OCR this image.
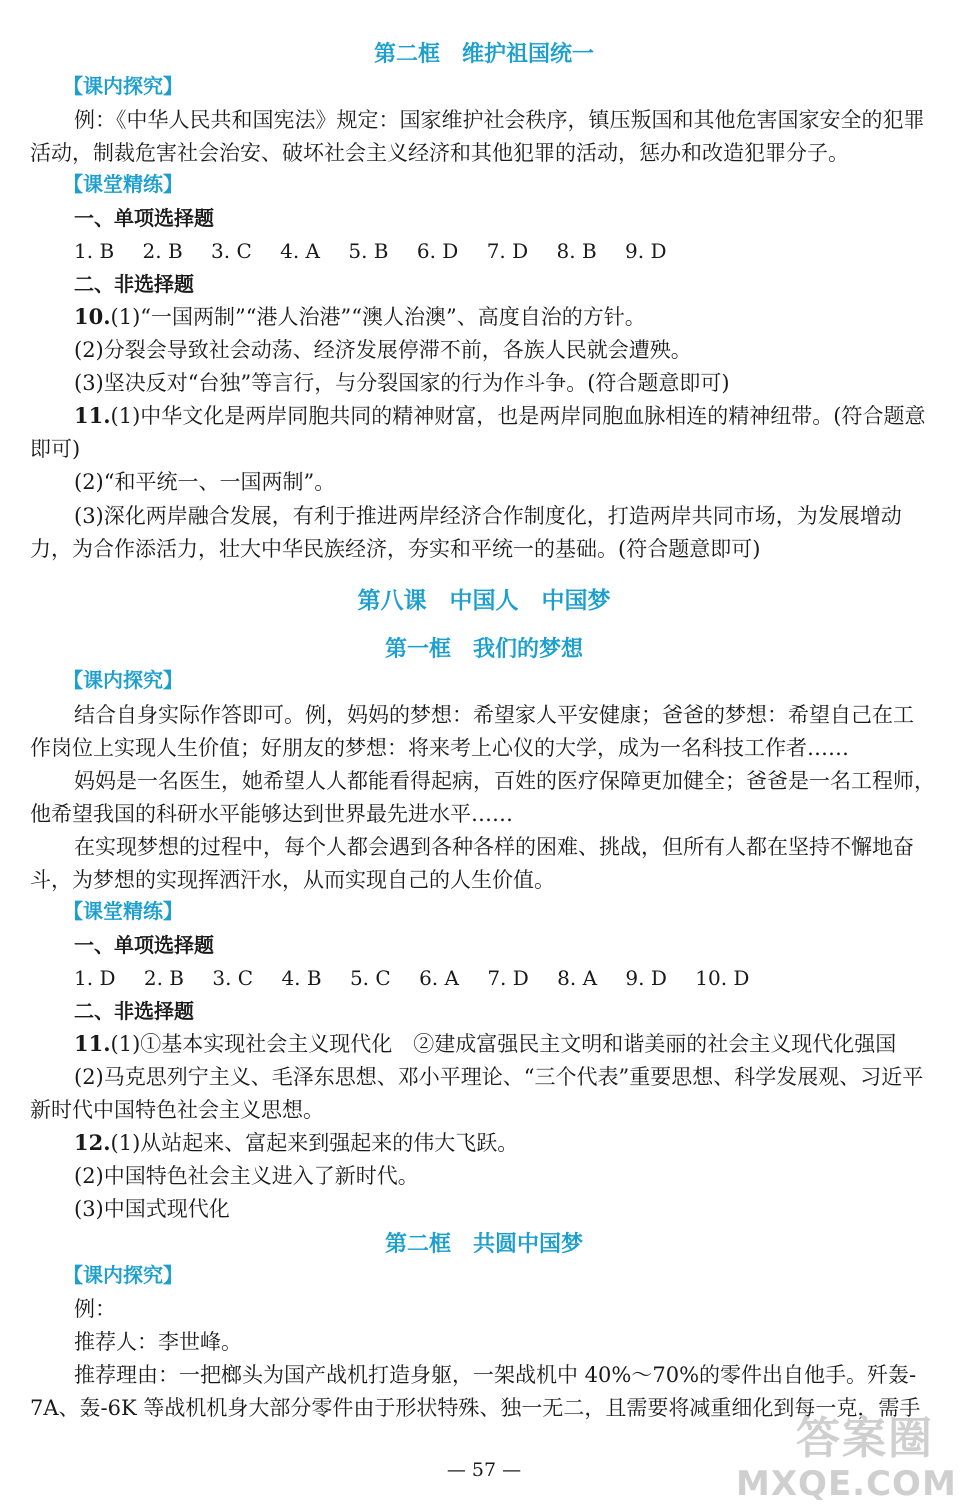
第二框　维护祖国统一
【课内探究】
例：《中华人民共和国宪法》规定：国家维护社会秩序，镇压叛国和其他危害国家安全的犯罪
活动，制裁危害社会治安、破坏社会主义经济和其他犯罪的活动，惩办和改造犯罪分子。
【课堂精练】
一、单项选择题
1. B 2. B 3. C 4. A 5. B 6. D 7. D 8. B 9. D
二、非选择题
10.(1)“一国两制”“港人治港”“澳人治澳”、高度自治的方针。
(2)分裂会导致社会动荡、经济发展停滞不前，各族人民就会遭殃。
(3)坚决反对“台独”等言行，与分裂国家的行为作斗争。(符合题意即可)
11.(1)中华文化是两岸同胞共同的精神财富，也是两岸同胞血脉相连的精神纽带。(符合题意
即可)
(2)“和平统一、一国两制”。
(3)深化两岸融合发展，有利于推进两岸经济合作制度化，打造两岸共同市场，为发展增动
力，为合作添活力，壮大中华民族经济，夯实和平统一的基础。(符合题意即可)
第八课　中国人　中国梦
第一框　我们的梦想
【课内探究】
结合自身实际作答即可。例，妈妈的梦想：希望家人平安健康；爸爸的梦想：希望自己在工
作岗位上实现人生价值；好朋友的梦想：将来考上心仪的大学，成为一名科技工作者……
妈妈是一名医生，她希望人人都能看得起病，百姓的医疗保障更加健全；爸爸是一名工程师，
他希望我国的科研水平能够达到世界最先进水平……
在实现梦想的过程中，每个人都会遇到各种各样的困难、挑战，但所有人都在坚持不懈地奋
斗，为梦想的实现挥洒汗水，从而实现自己的人生价值。
【课堂精练】
一、单项选择题
1. D 2. B 3. C 4. B 5. C 6. A 7. D 8. A 9. D 10. D
二、非选择题
11.(1)①基本实现社会主义现代化　②建成富强民主文明和谐美丽的社会主义现代化强国
(2)马克思列宁主义、毛泽东思想、邓小平理论、“三个代表”重要思想、科学发展观、习近平
新时代中国特色社会主义思想。
12.(1)从站起来、富起来到强起来的伟大飞跃。
(2)中国特色社会主义进入了新时代。
(3)中国式现代化
第二框　共圆中国梦
【课内探究】
例：
推荐人：李世峰。
推荐理由：一把榔头为国产战机打造身躯，一架战机中 40%～70%的零件出自他手。歼轰-
7A、轰-6K 等战机机身大部分零件由于形状特殊、独一无二，且需要将减重细化到每一克，需手
— 57 —
答案圈
MXQE.COM
